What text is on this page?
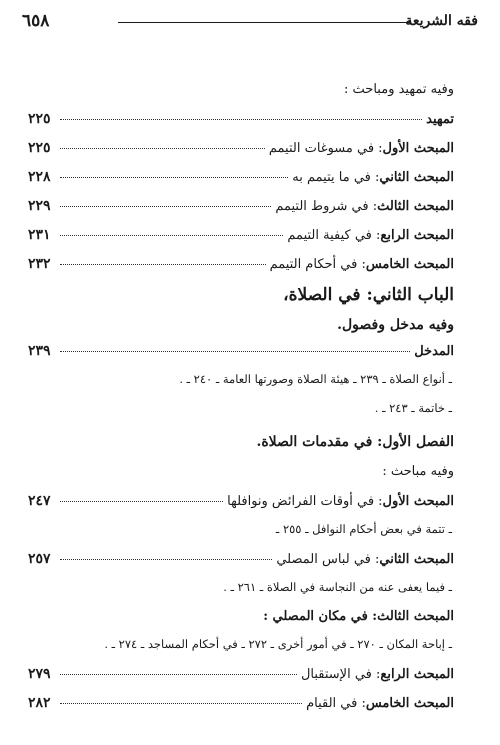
فقه الشريعة
٦٥٨
وفيه تمهيد ومباحث :
تمهيد
٢٢٥
المبحث الأول
: في مسوغات التيمم
٢٢٥
المبحث الثاني
: في ما يتيمم به
٢٢٨
المبحث الثالث
: في شروط التيمم
٢٢٩
المبحث الرابع
: في كيفية التيمم
٢٣١
المبحث الخامس
: في أحكام التيمم
٢٣٢
الباب الثاني: في الصلاة،
وفيه مدخل وفصول.
المدخل
٢٣٩
ـ أنواع الصلاة ـ ٢٣٩ ـ هيئة الصلاة وصورتها العامة ـ ٢٤٠ ـ .
ـ خاتمة ـ ٢٤٣ ـ .
الفصل الأول: في مقدمات الصلاة.
وفيه مباحث :
المبحث الأول
: في أوقات الفرائض ونوافلها
٢٤٧
ـ تتمة في بعض أحكام النوافل ـ ٢٥٥ ـ
المبحث الثاني
: في لباس المصلي
٢٥٧
ـ فيما يعفى عنه من النجاسة في الصلاة ـ ٢٦١ ـ .
المبحث الثالث
: في مكان المصلي :
ـ إباحة المكان ـ ٢٧٠ ـ في أمور أخرى ـ ٢٧٢ ـ في أحكام المساجد ـ ٢٧٤ ـ .
المبحث الرابع
: في الإستقبال
٢٧٩
المبحث الخامس
: في القيام
٢٨٢
